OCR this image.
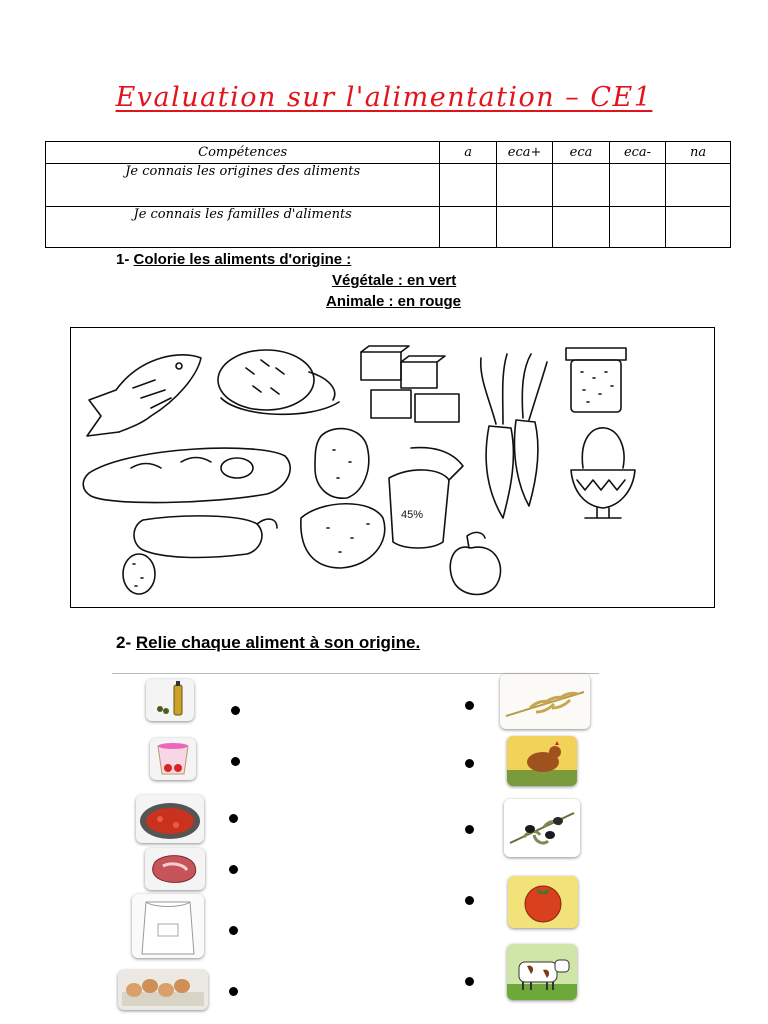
Evaluation sur l'alimentation – CE1
Compétences	a	eca+	eca	eca-	na
Je connais les origines des aliments					
Je connais les familles d'aliments					
1- Colorie les aliments d'origine :
Végétale : en vert
Animale : en rouge
45%
2- Relie chaque aliment à son origine.
